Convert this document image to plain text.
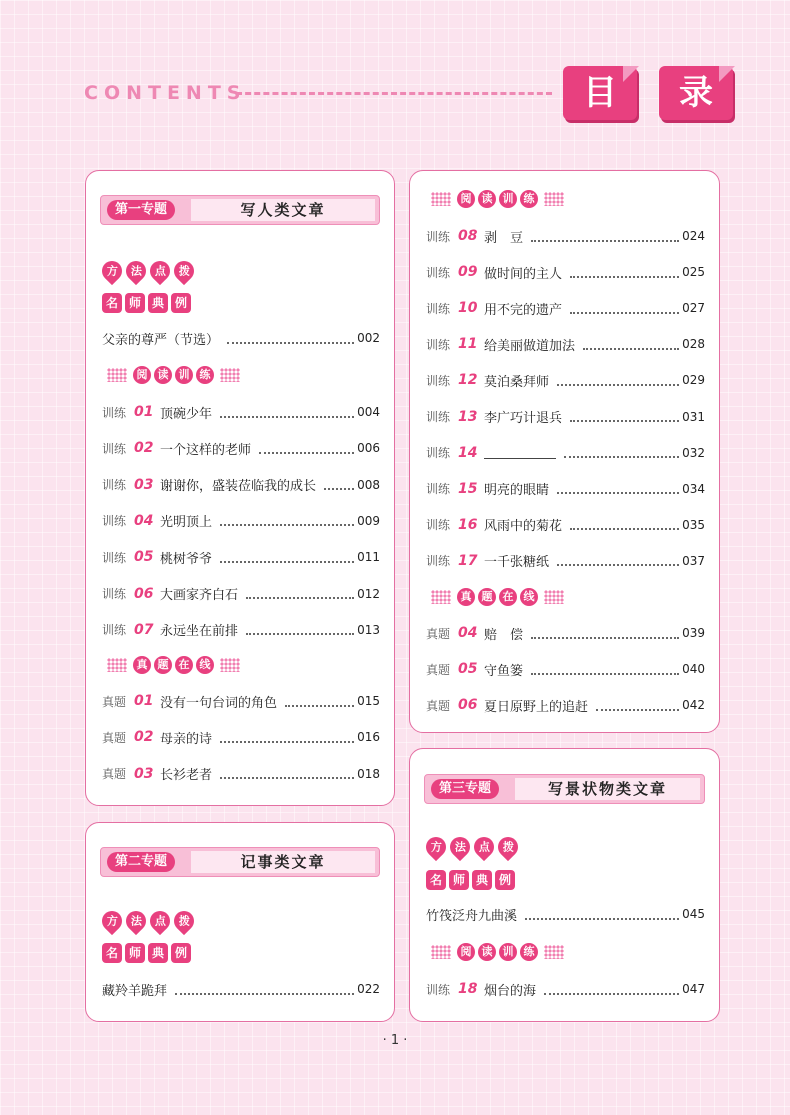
CONTENTS	目	录
第一专题	写人类文章
方 法 点 拨
名 师 典 例
父亲的尊严（节选）	002
阅 读 训 练
训练 01 顶碗少年	004
训练 02 一个这样的老师	006
训练 03 谢谢你，盛装莅临我的成长	008
训练 04 光明顶上	009
训练 05 桃树爷爷	011
训练 06 大画家齐白石	012
训练 07 永远坐在前排	013
真 题 在 线
真题 01 没有一句台词的角色	015
真题 02 母亲的诗	016
真题 03 长衫老者	018
第二专题	记事类文章
方 法 点 拨
名 师 典 例
藏羚羊跪拜	022
阅 读 训 练
训练 08 剥　豆	024
训练 09 做时间的主人	025
训练 10 用不完的遗产	027
训练 11 给美丽做道加法	028
训练 12 莫泊桑拜师	029
训练 13 李广巧计退兵	031
训练 14	032
训练 15 明亮的眼睛	034
训练 16 风雨中的菊花	035
训练 17 一千张糖纸	037
真 题 在 线
真题 04 赔　偿	039
真题 05 守鱼篓	040
真题 06 夏日原野上的追赶	042
第三专题	写景状物类文章
方 法 点 拨
名 师 典 例
竹筏泛舟九曲溪	045
阅 读 训 练
训练 18 烟台的海	047
· 1 ·
